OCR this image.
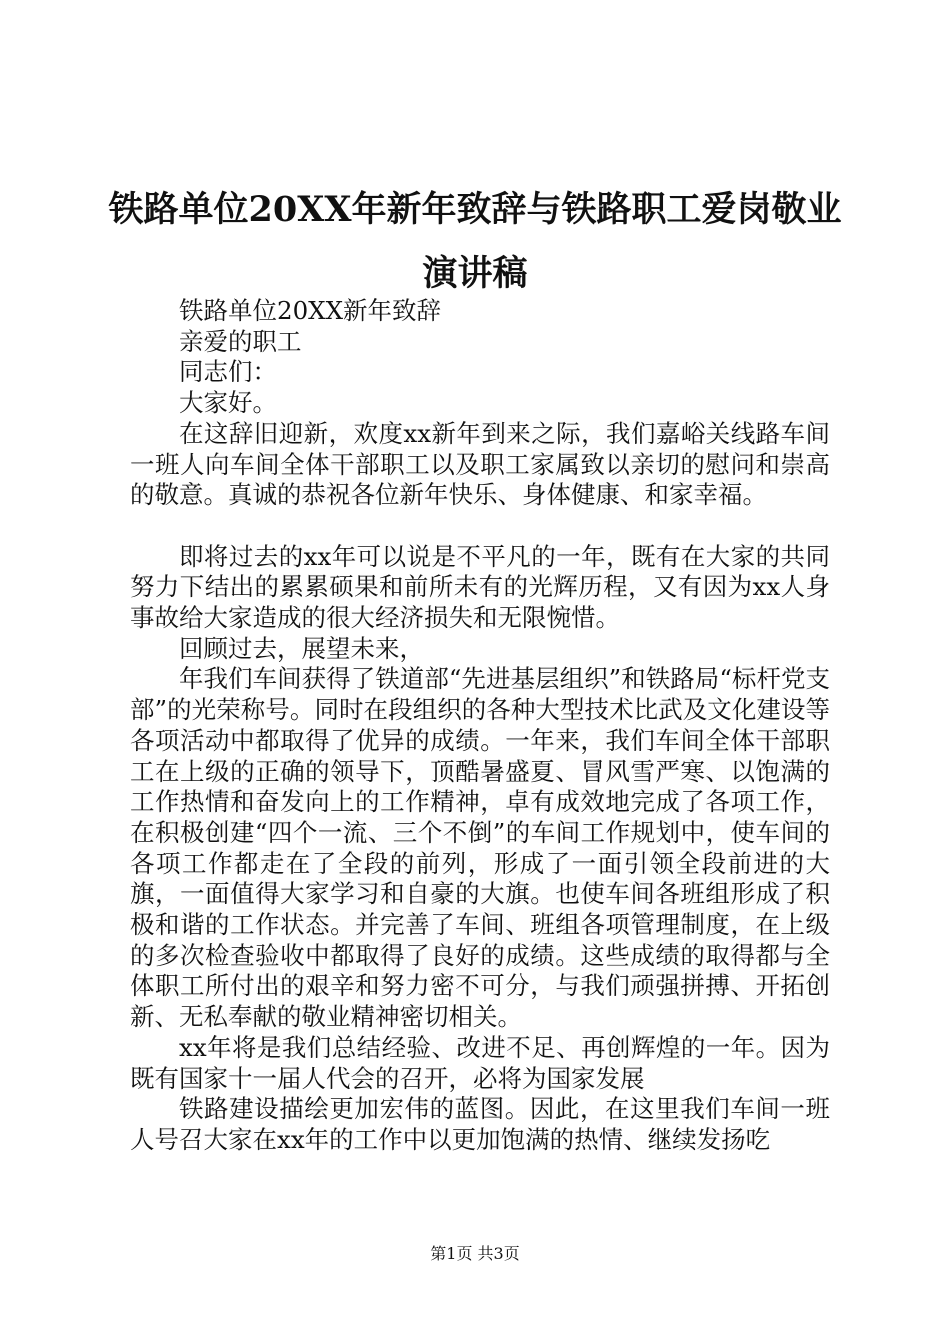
铁路单位20XX年新年致辞与铁路职工爱岗敬业演讲稿

铁路单位20XX新年致辞

亲爱的职工

同志们：

大家好。

在这辞旧迎新，欢度xx新年到来之际，我们嘉峪关线路车间一班人向车间全体干部职工以及职工家属致以亲切的慰问和崇高的敬意。真诚的恭祝各位新年快乐、身体健康、和家幸福。

即将过去的xx年可以说是不平凡的一年，既有在大家的共同努力下结出的累累硕果和前所未有的光辉历程，又有因为xx人身事故给大家造成的很大经济损失和无限惋惜。

回顾过去，展望未来，

年我们车间获得了铁道部“先进基层组织”和铁路局“标杆党支部”的光荣称号。同时在段组织的各种大型技术比武及文化建设等各项活动中都取得了优异的成绩。一年来，我们车间全体干部职工在上级的正确的领导下，顶酷暑盛夏、冒风雪严寒、以饱满的工作热情和奋发向上的工作精神，卓有成效地完成了各项工作，在积极创建“四个一流、三个不倒”的车间工作规划中，使车间的各项工作都走在了全段的前列，形成了一面引领全段前进的大旗，一面值得大家学习和自豪的大旗。也使车间各班组形成了积极和谐的工作状态。并完善了车间、班组各项管理制度，在上级的多次检查验收中都取得了良好的成绩。这些成绩的取得都与全体职工所付出的艰辛和努力密不可分，与我们顽强拼搏、开拓创新、无私奉献的敬业精神密切相关。

xx年将是我们总结经验、改进不足、再创辉煌的一年。因为既有国家十一届人代会的召开，必将为国家发展

铁路建设描绘更加宏伟的蓝图。因此，在这里我们车间一班人号召大家在xx年的工作中以更加饱满的热情、继续发扬吃

第1页 共3页
